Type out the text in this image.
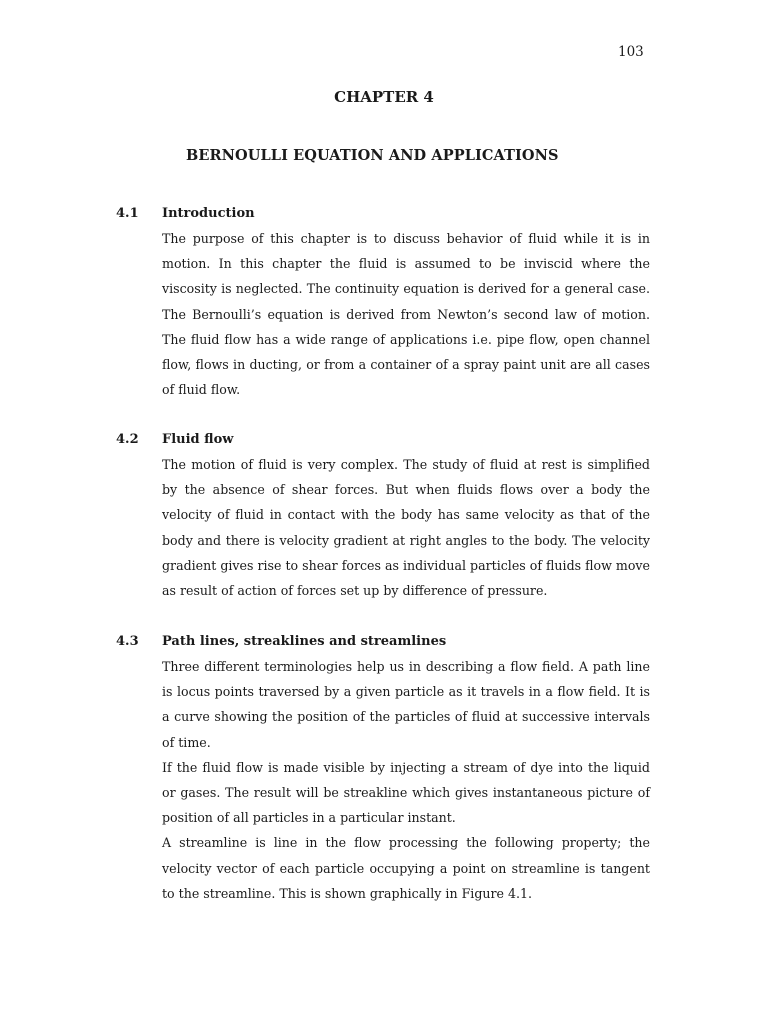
103
CHAPTER 4
BERNOULLI EQUATION AND APPLICATIONS
4.1	Introduction

The purpose of this chapter is to discuss behavior of fluid while it is in motion. In this chapter the fluid is assumed to be inviscid where the viscosity is neglected. The continuity equation is derived for a general case. The Bernoulli’s equation is derived from Newton’s second law of motion. The fluid flow has a wide range of applications i.e. pipe flow, open channel flow, flows in ducting, or from a container of a spray paint unit are all cases of fluid flow.

4.2	Fluid flow

The motion of fluid is very complex. The study of fluid at rest is simplified by the absence of shear forces. But when fluids flows over a body the velocity of fluid in contact with the body has same velocity as that of the body and there is velocity gradient at right angles to the body. The velocity gradient gives rise to shear forces as individual particles of fluids flow move as result of action of forces set up by difference of pressure.

4.3	Path lines, streaklines and streamlines

Three different terminologies help us in describing a flow field. A path line is locus points traversed by a given particle as it travels in a flow field. It is a curve showing the position of the particles of fluid at successive intervals of time.

If the fluid flow is made visible by injecting a stream of dye into the liquid or gases. The result will be streakline which gives instantaneous picture of position of all particles in a particular instant.

A streamline is line in the flow processing the following property; the velocity vector of each particle occupying a point on streamline is tangent to the streamline. This is shown graphically in Figure 4.1.
